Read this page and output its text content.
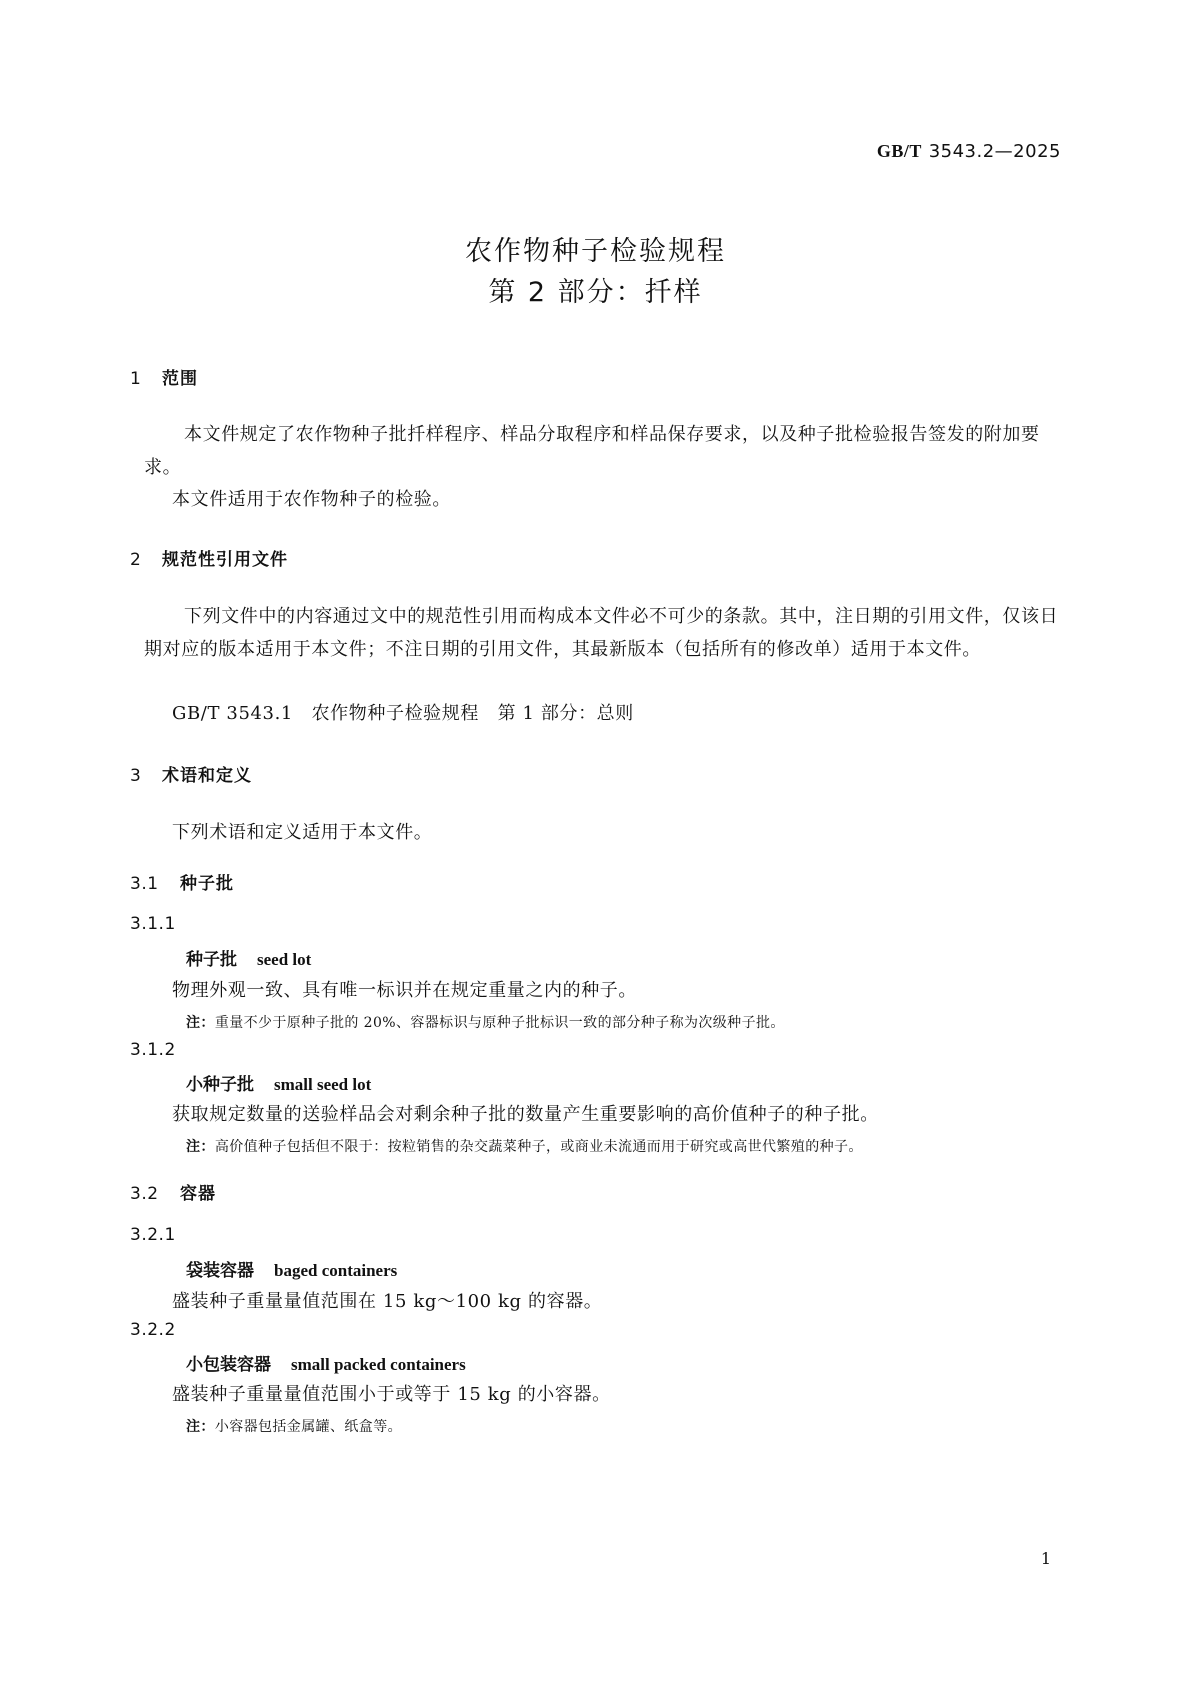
GB/T 3543.2—2025
农作物种子检验规程
第 2 部分：扦样
1 范围
本文件规定了农作物种子批扦样程序、样品分取程序和样品保存要求，以及种子批检验报告签发的附加要求。
本文件适用于农作物种子的检验。
2 规范性引用文件
下列文件中的内容通过文中的规范性引用而构成本文件必不可少的条款。其中，注日期的引用文件，仅该日期对应的版本适用于本文件；不注日期的引用文件，其最新版本（包括所有的修改单）适用于本文件。
GB/T 3543.1　农作物种子检验规程　第 1 部分：总则
3 术语和定义
下列术语和定义适用于本文件。
3.1 种子批
3.1.1
种子批 seed lot
物理外观一致、具有唯一标识并在规定重量之内的种子。
注：重量不少于原种子批的 20%、容器标识与原种子批标识一致的部分种子称为次级种子批。
3.1.2
小种子批 small seed lot
获取规定数量的送验样品会对剩余种子批的数量产生重要影响的高价值种子的种子批。
注：高价值种子包括但不限于：按粒销售的杂交蔬菜种子，或商业未流通而用于研究或高世代繁殖的种子。
3.2 容器
3.2.1
袋装容器 baged containers
盛装种子重量量值范围在 15 kg～100 kg 的容器。
3.2.2
小包装容器 small packed containers
盛装种子重量量值范围小于或等于 15 kg 的小容器。
注：小容器包括金属罐、纸盒等。
1
